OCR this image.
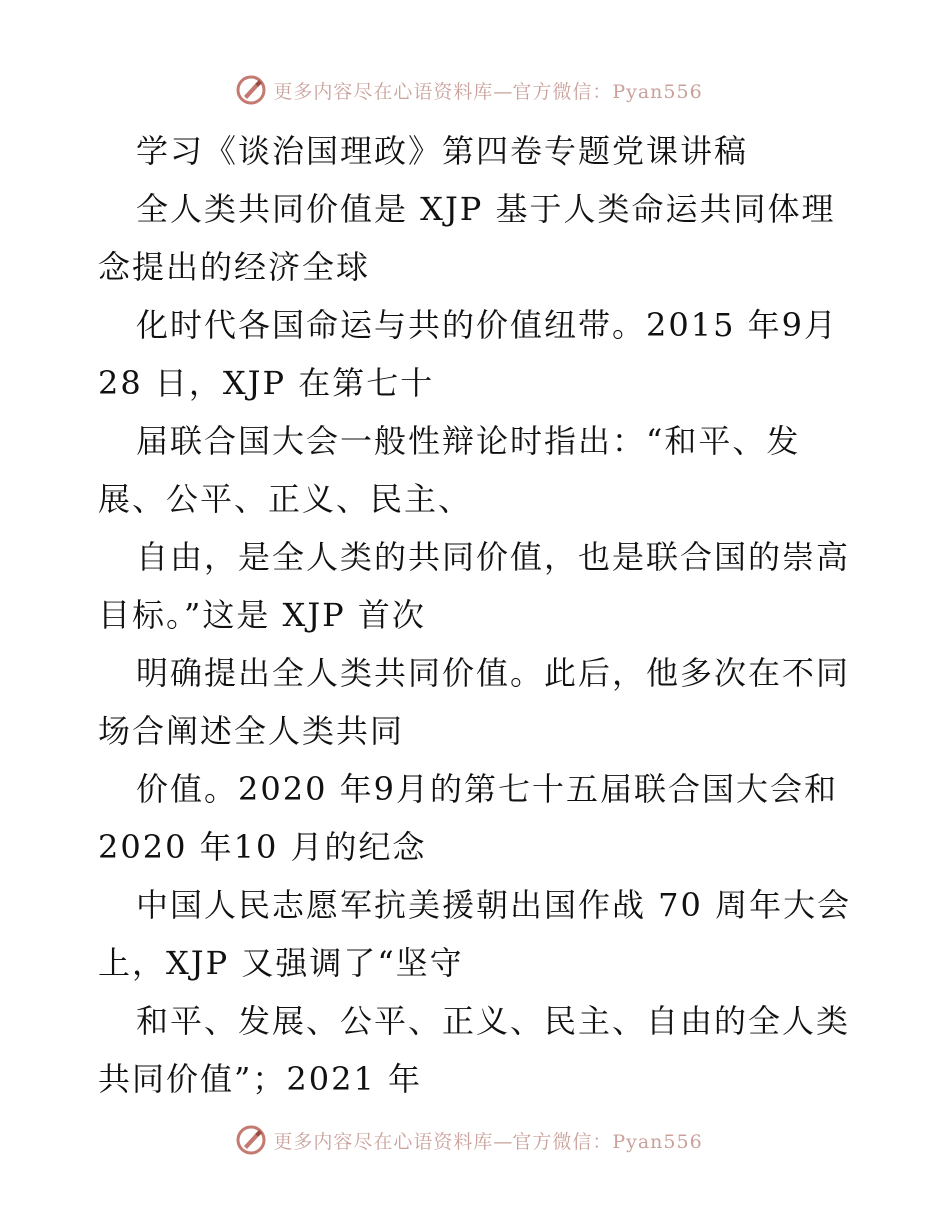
更多内容尽在心语资料库—官方微信：Pyan556
学习《谈治国理政》第四卷专题党课讲稿
全人类共同价值是 XJP 基于人类命运共同体理
念提出的经济全球
化时代各国命运与共的价值纽带。2015 年9月
28 日，XJP 在第七十
届联合国大会一般性辩论时指出：“和平、发
展、公平、正义、民主、
自由，是全人类的共同价值，也是联合国的崇高
目标。”这是 XJP 首次
明确提出全人类共同价值。此后，他多次在不同
场合阐述全人类共同
价值。2020 年9月的第七十五届联合国大会和
2020 年10 月的纪念
中国人民志愿军抗美援朝出国作战 70 周年大会
上，XJP 又强调了“坚守
和平、发展、公平、正义、民主、自由的全人类
共同价值”；2021 年
更多内容尽在心语资料库—官方微信：Pyan556
